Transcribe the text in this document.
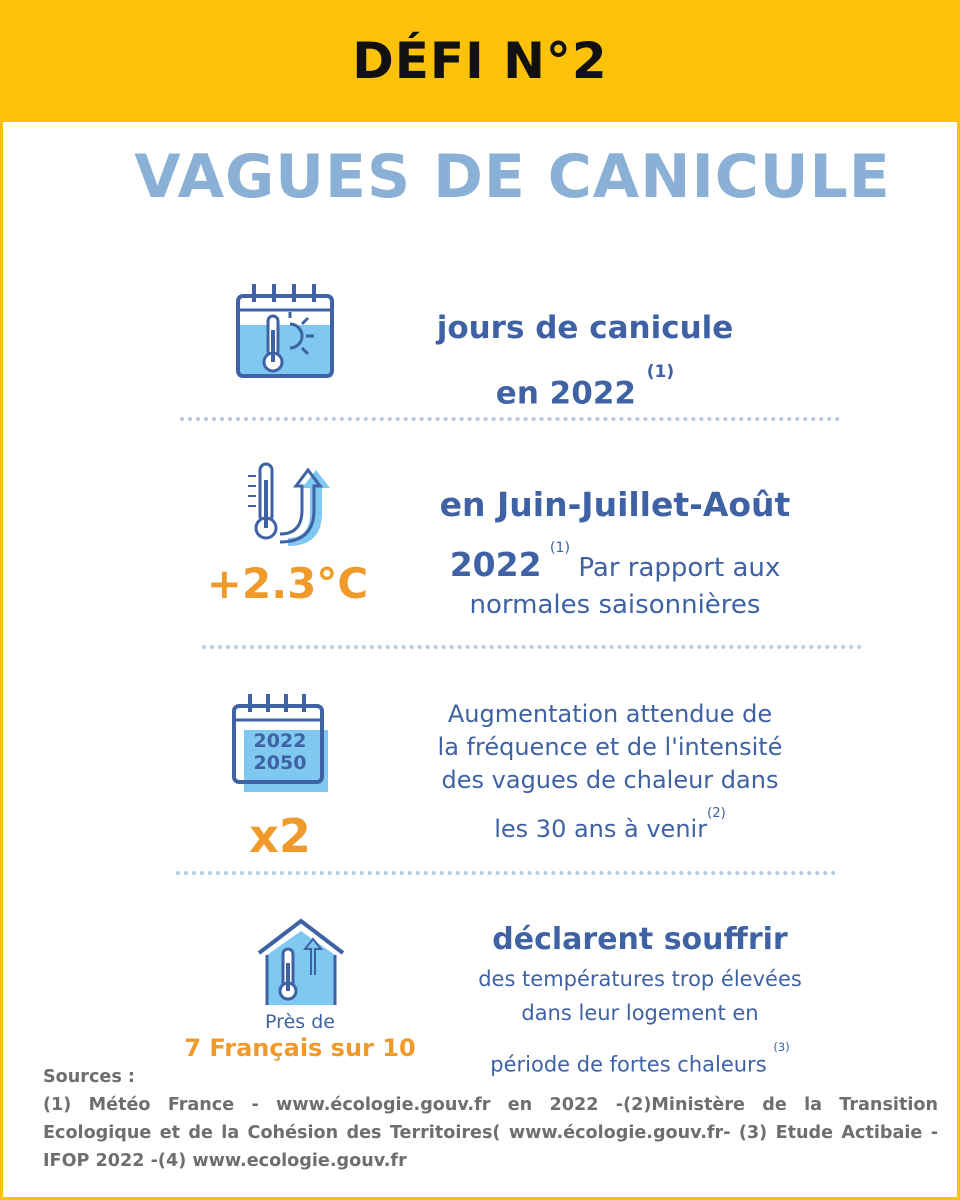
DÉFI N°2
VAGUES DE CANICULE
jours de canicule
en 2022 $^{(1)}$
+2.3°C
en Juin-Juillet-Août
2022 $^{(1)}$ Par rapport aux
normales saisonnières
2022
2050
x2
Augmentation attendue de
la fréquence et de l'intensité
des vagues de chaleur dans
les 30 ans à venir$^{(2)}$
Près de
7 Français sur 10
déclarent souffrir
des températures trop élevées
dans leur logement en
période de fortes chaleurs $^{(3)}$
Sources :
(1) Météo France - www.écologie.gouv.fr en 2022 -(2)Ministère de la Transition Ecologique et de la Cohésion des Territoires( www.écologie.gouv.fr- (3) Etude Actibaie -IFOP 2022 -(4) www.ecologie.gouv.fr
